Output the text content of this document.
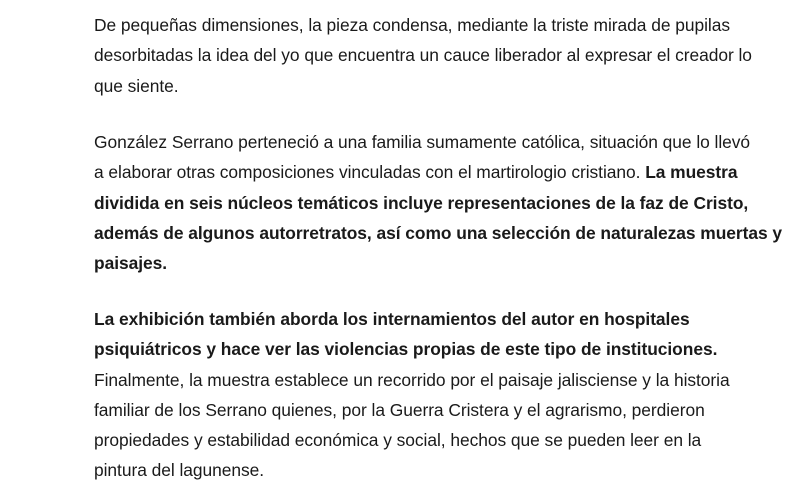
De pequeñas dimensiones, la pieza condensa, mediante la triste mirada de pupilas
desorbitadas la idea del yo que encuentra un cauce liberador al expresar el creador lo
que siente.

González Serrano perteneció a una familia sumamente católica, situación que lo llevó
a elaborar otras composiciones vinculadas con el martirologio cristiano. La muestra
dividida en seis núcleos temáticos incluye representaciones de la faz de Cristo,
además de algunos autorretratos, así como una selección de naturalezas muertas y
paisajes.

La exhibición también aborda los internamientos del autor en hospitales
psiquiátricos y hace ver las violencias propias de este tipo de instituciones.
Finalmente, la muestra establece un recorrido por el paisaje jalisciense y la historia
familiar de los Serrano quienes, por la Guerra Cristera y el agrarismo, perdieron
propiedades y estabilidad económica y social, hechos que se pueden leer en la
pintura del lagunense.
